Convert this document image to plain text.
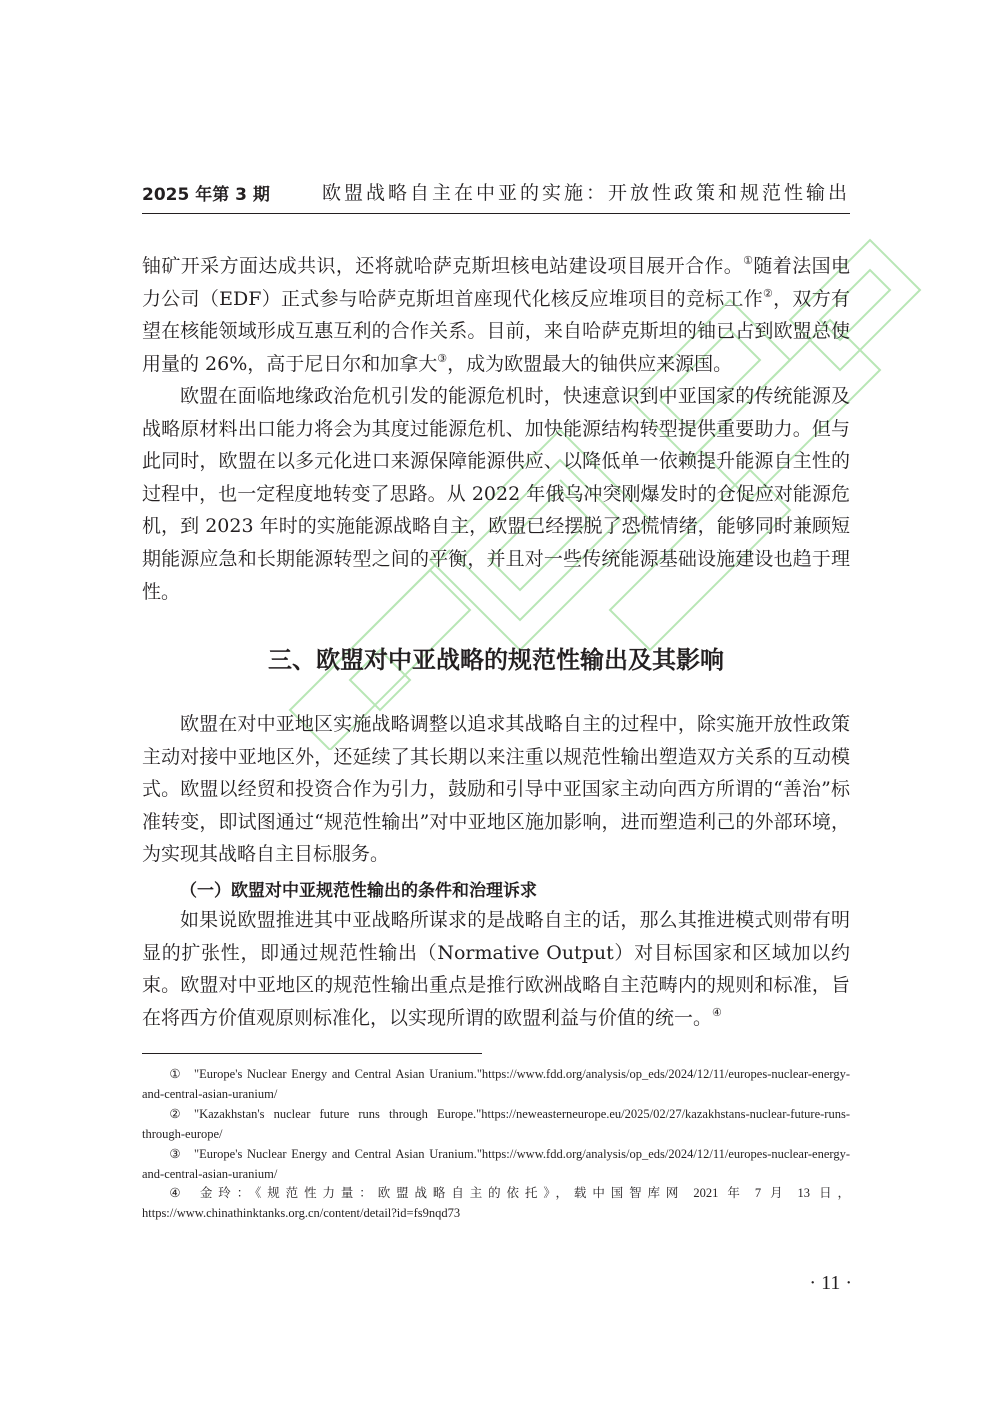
2025 年第 3 期	欧盟战略自主在中亚的实施：开放性政策和规范性输出

铀矿开采方面达成共识，还将就哈萨克斯坦核电站建设项目展开合作。①随着法国电力公司（EDF）正式参与哈萨克斯坦首座现代化核反应堆项目的竞标工作②，双方有望在核能领域形成互惠互利的合作关系。目前，来自哈萨克斯坦的铀已占到欧盟总使用量的 26%，高于尼日尔和加拿大③，成为欧盟最大的铀供应来源国。

欧盟在面临地缘政治危机引发的能源危机时，快速意识到中亚国家的传统能源及战略原材料出口能力将会为其度过能源危机、加快能源结构转型提供重要助力。但与此同时，欧盟在以多元化进口来源保障能源供应、以降低单一依赖提升能源自主性的过程中，也一定程度地转变了思路。从 2022 年俄乌冲突刚爆发时的仓促应对能源危机，到 2023 年时的实施能源战略自主，欧盟已经摆脱了恐慌情绪，能够同时兼顾短期能源应急和长期能源转型之间的平衡，并且对一些传统能源基础设施建设也趋于理性。

三、欧盟对中亚战略的规范性输出及其影响

欧盟在对中亚地区实施战略调整以追求其战略自主的过程中，除实施开放性政策主动对接中亚地区外，还延续了其长期以来注重以规范性输出塑造双方关系的互动模式。欧盟以经贸和投资合作为引力，鼓励和引导中亚国家主动向西方所谓的“善治”标准转变，即试图通过“规范性输出”对中亚地区施加影响，进而塑造利己的外部环境，为实现其战略自主目标服务。

（一）欧盟对中亚规范性输出的条件和治理诉求

如果说欧盟推进其中亚战略所谋求的是战略自主的话，那么其推进模式则带有明显的扩张性，即通过规范性输出（Normative Output）对目标国家和区域加以约束。欧盟对中亚地区的规范性输出重点是推行欧洲战略自主范畴内的规则和标准，旨在将西方价值观原则标准化，以实现所谓的欧盟利益与价值的统一。④

① "Europe's Nuclear Energy and Central Asian Uranium."https://www.fdd.org/analysis/op_eds/2024/12/11/europes-nuclear-energy-and-central-asian-uranium/

② "Kazakhstan's nuclear future runs through Europe."https://neweasterneurope.eu/2025/02/27/kazakhstans-nuclear-future-runs-through-europe/

③ "Europe's Nuclear Energy and Central Asian Uranium."https://www.fdd.org/analysis/op_eds/2024/12/11/europes-nuclear-energy-and-central-asian-uranium/

④ 金玲：《规范性力量：欧盟战略自主的依托》，载中国智库网 2021 年 7 月 13 日，https://www.chinathinktanks.org.cn/content/detail?id=fs9nqd73

· 11 ·
